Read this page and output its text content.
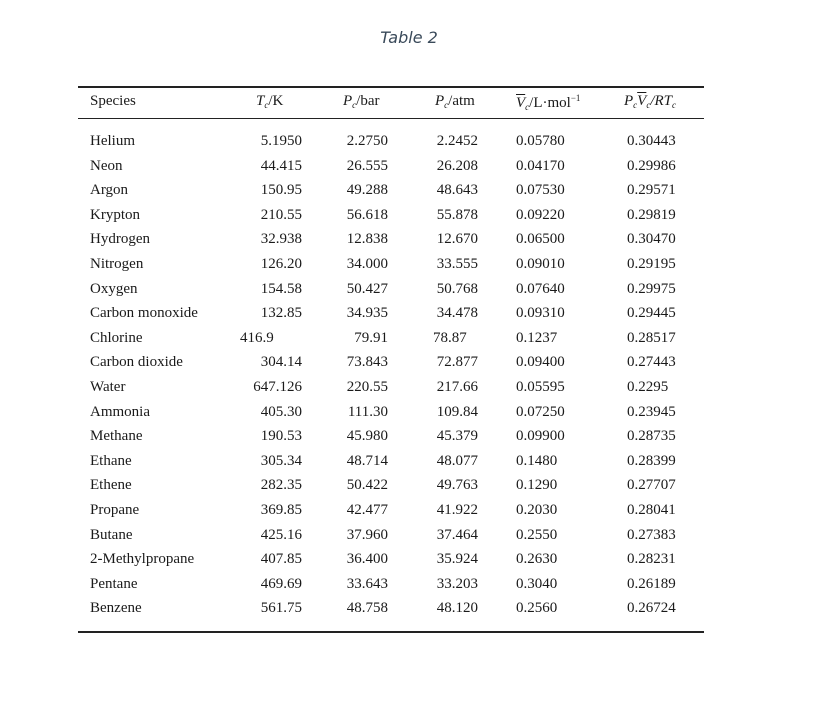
Table 2
Species	$T_c/K$	$P_c$/bar	$P_c$/atm	$\overline{V}_c/L\cdot mol^{-1}$	$P_c\overline{V}_c/RT_c$
Helium	5.1950	2.2750	2.2452	0.05780	0.30443
Neon	44.415	26.555	26.208	0.04170	0.29986
Argon	150.95	49.288	48.643	0.07530	0.29571
Krypton	210.55	56.618	55.878	0.09220	0.29819
Hydrogen	32.938	12.838	12.670	0.06500	0.30470
Nitrogen	126.20	34.000	33.555	0.09010	0.29195
Oxygen	154.58	50.427	50.768	0.07640	0.29975
Carbon monoxide	132.85	34.935	34.478	0.09310	0.29445
Chlorine	416.9	79.91	78.87	0.1237	0.28517
Carbon dioxide	304.14	73.843	72.877	0.09400	0.27443
Water	647.126	220.55	217.66	0.05595	0.2295
Ammonia	405.30	111.30	109.84	0.07250	0.23945
Methane	190.53	45.980	45.379	0.09900	0.28735
Ethane	305.34	48.714	48.077	0.1480	0.28399
Ethene	282.35	50.422	49.763	0.1290	0.27707
Propane	369.85	42.477	41.922	0.2030	0.28041
Butane	425.16	37.960	37.464	0.2550	0.27383
2-Methylpropane	407.85	36.400	35.924	0.2630	0.28231
Pentane	469.69	33.643	33.203	0.3040	0.26189
Benzene	561.75	48.758	48.120	0.2560	0.26724
